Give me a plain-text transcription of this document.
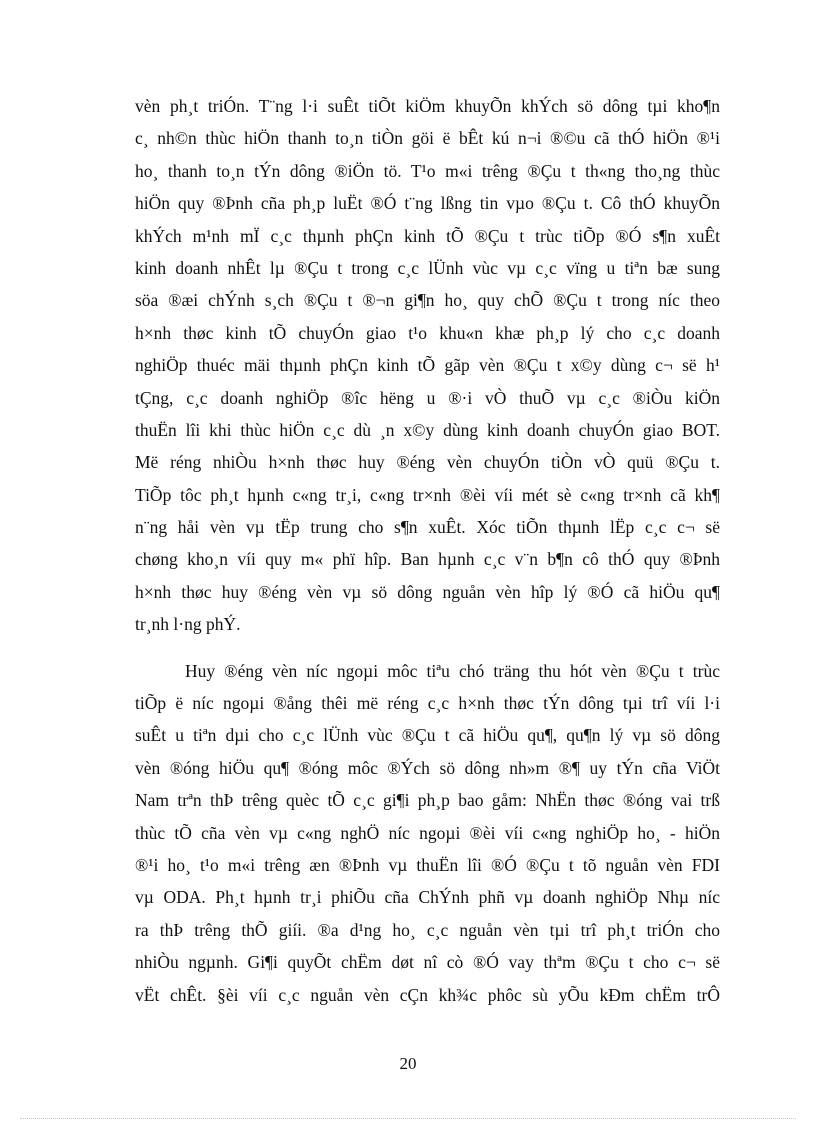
vèn ph¸t triÓn. T¨ng l·i suÊt tiÕt kiÖm khuyÕn khÝch sö dông tµi kho¶n
c¸ nh©n thùc hiÖn thanh to¸n tiÒn göi ë bÊt kú n¬i ®©u cã thÓ hiÖn ®¹i
ho¸ thanh to¸n tÝn dông ®iÖn tö. T¹o m«i trêng ®Çu t th«ng tho¸ng thùc
hiÖn quy ®Þnh cña ph¸p luËt ®Ó t¨ng lßng tin vµo ®Çu t. Cô thÓ khuyÕn
khÝch m¹nh mÏ c¸c thµnh phÇn kinh tÕ ®Çu t trùc tiÕp ®Ó s¶n xuÊt
kinh doanh nhÊt lµ ®Çu t trong c¸c lÜnh vùc vµ c¸c vïng u tiªn bæ sung
söa ®æi chÝnh s¸ch ®Çu t ®¬n gi¶n ho¸ quy chÕ ®Çu t trong níc theo
h×nh thøc kinh tÕ chuyÓn giao t¹o khu«n khæ ph¸p lý cho c¸c doanh
nghiÖp thuéc mäi thµnh phÇn kinh tÕ gãp vèn ®Çu t x©y dùng c¬ së h¹
tÇng, c¸c doanh nghiÖp ®îc hëng u ®·i vÒ thuÕ vµ c¸c ®iÒu kiÖn
thuËn lîi khi thùc hiÖn c¸c dù ¸n x©y dùng kinh doanh chuyÓn giao BOT.
Më réng nhiÒu h×nh thøc huy ®éng vèn chuyÓn tiÒn vÒ quü ®Çu t.
TiÕp tôc ph¸t hµnh c«ng tr¸i, c«ng tr×nh ®èi víi mét sè c«ng tr×nh cã kh¶
n¨ng håi vèn vµ tËp trung cho s¶n xuÊt. Xóc tiÕn thµnh lËp c¸c c¬ së
chøng kho¸n víi quy m« phï hîp. Ban hµnh c¸c v¨n b¶n cô thÓ quy ®Þnh
h×nh thøc huy ®éng vèn vµ sö dông nguån vèn hîp lý ®Ó cã hiÖu qu¶
tr¸nh l·ng phÝ.
Huy ®éng vèn níc ngoµi môc tiªu chó träng thu hót vèn ®Çu t trùc
tiÕp ë níc ngoµi ®ång thêi më réng c¸c h×nh thøc tÝn dông tµi trî víi l·i
suÊt u tiªn dµi cho c¸c lÜnh vùc ®Çu t cã hiÖu qu¶, qu¶n lý vµ sö dông
vèn ®óng hiÖu qu¶ ®óng môc ®Ých sö dông nh»m ®¶ uy tÝn cña ViÖt
Nam trªn thÞ trêng quèc tÕ c¸c gi¶i ph¸p bao gåm: NhËn thøc ®óng vai trß
thùc tÕ cña vèn vµ c«ng nghÖ níc ngoµi ®èi víi c«ng nghiÖp ho¸ - hiÖn
®¹i ho¸ t¹o m«i trêng æn ®Þnh vµ thuËn lîi ®Ó ®Çu t tõ nguån vèn FDI
vµ ODA. Ph¸t hµnh tr¸i phiÕu cña ChÝnh phñ vµ doanh nghiÖp Nhµ níc
ra thÞ trêng thÕ giíi. ®a d¹ng ho¸ c¸c nguån vèn tµi trî ph¸t triÓn cho
nhiÒu ngµnh. Gi¶i quyÕt chËm døt nî cò ®Ó vay thªm ®Çu t cho c¬ së
vËt chÊt. §èi víi c¸c nguån vèn cÇn kh¾c phôc sù yÕu kÐm chËm trÔ
20
